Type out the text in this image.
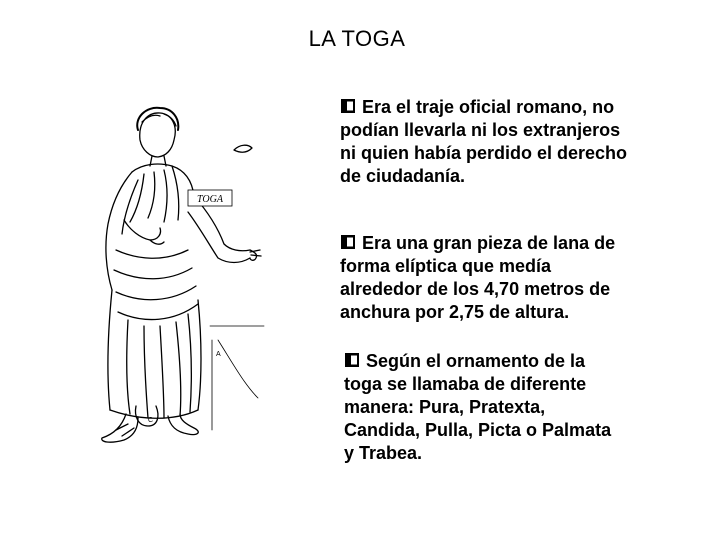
LA TOGA
TOGA
A
C
Era el traje oficial romano, no
podían llevarla ni los extranjeros
ni quien había perdido el derecho
de ciudadanía.
Era una gran pieza de lana de
forma elíptica que medía
alrededor de los 4,70 metros de
anchura por 2,75 de altura.
Según el ornamento de la
toga se llamaba de diferente
manera: Pura, Pratexta,
Candida, Pulla, Picta o Palmata
y Trabea.
